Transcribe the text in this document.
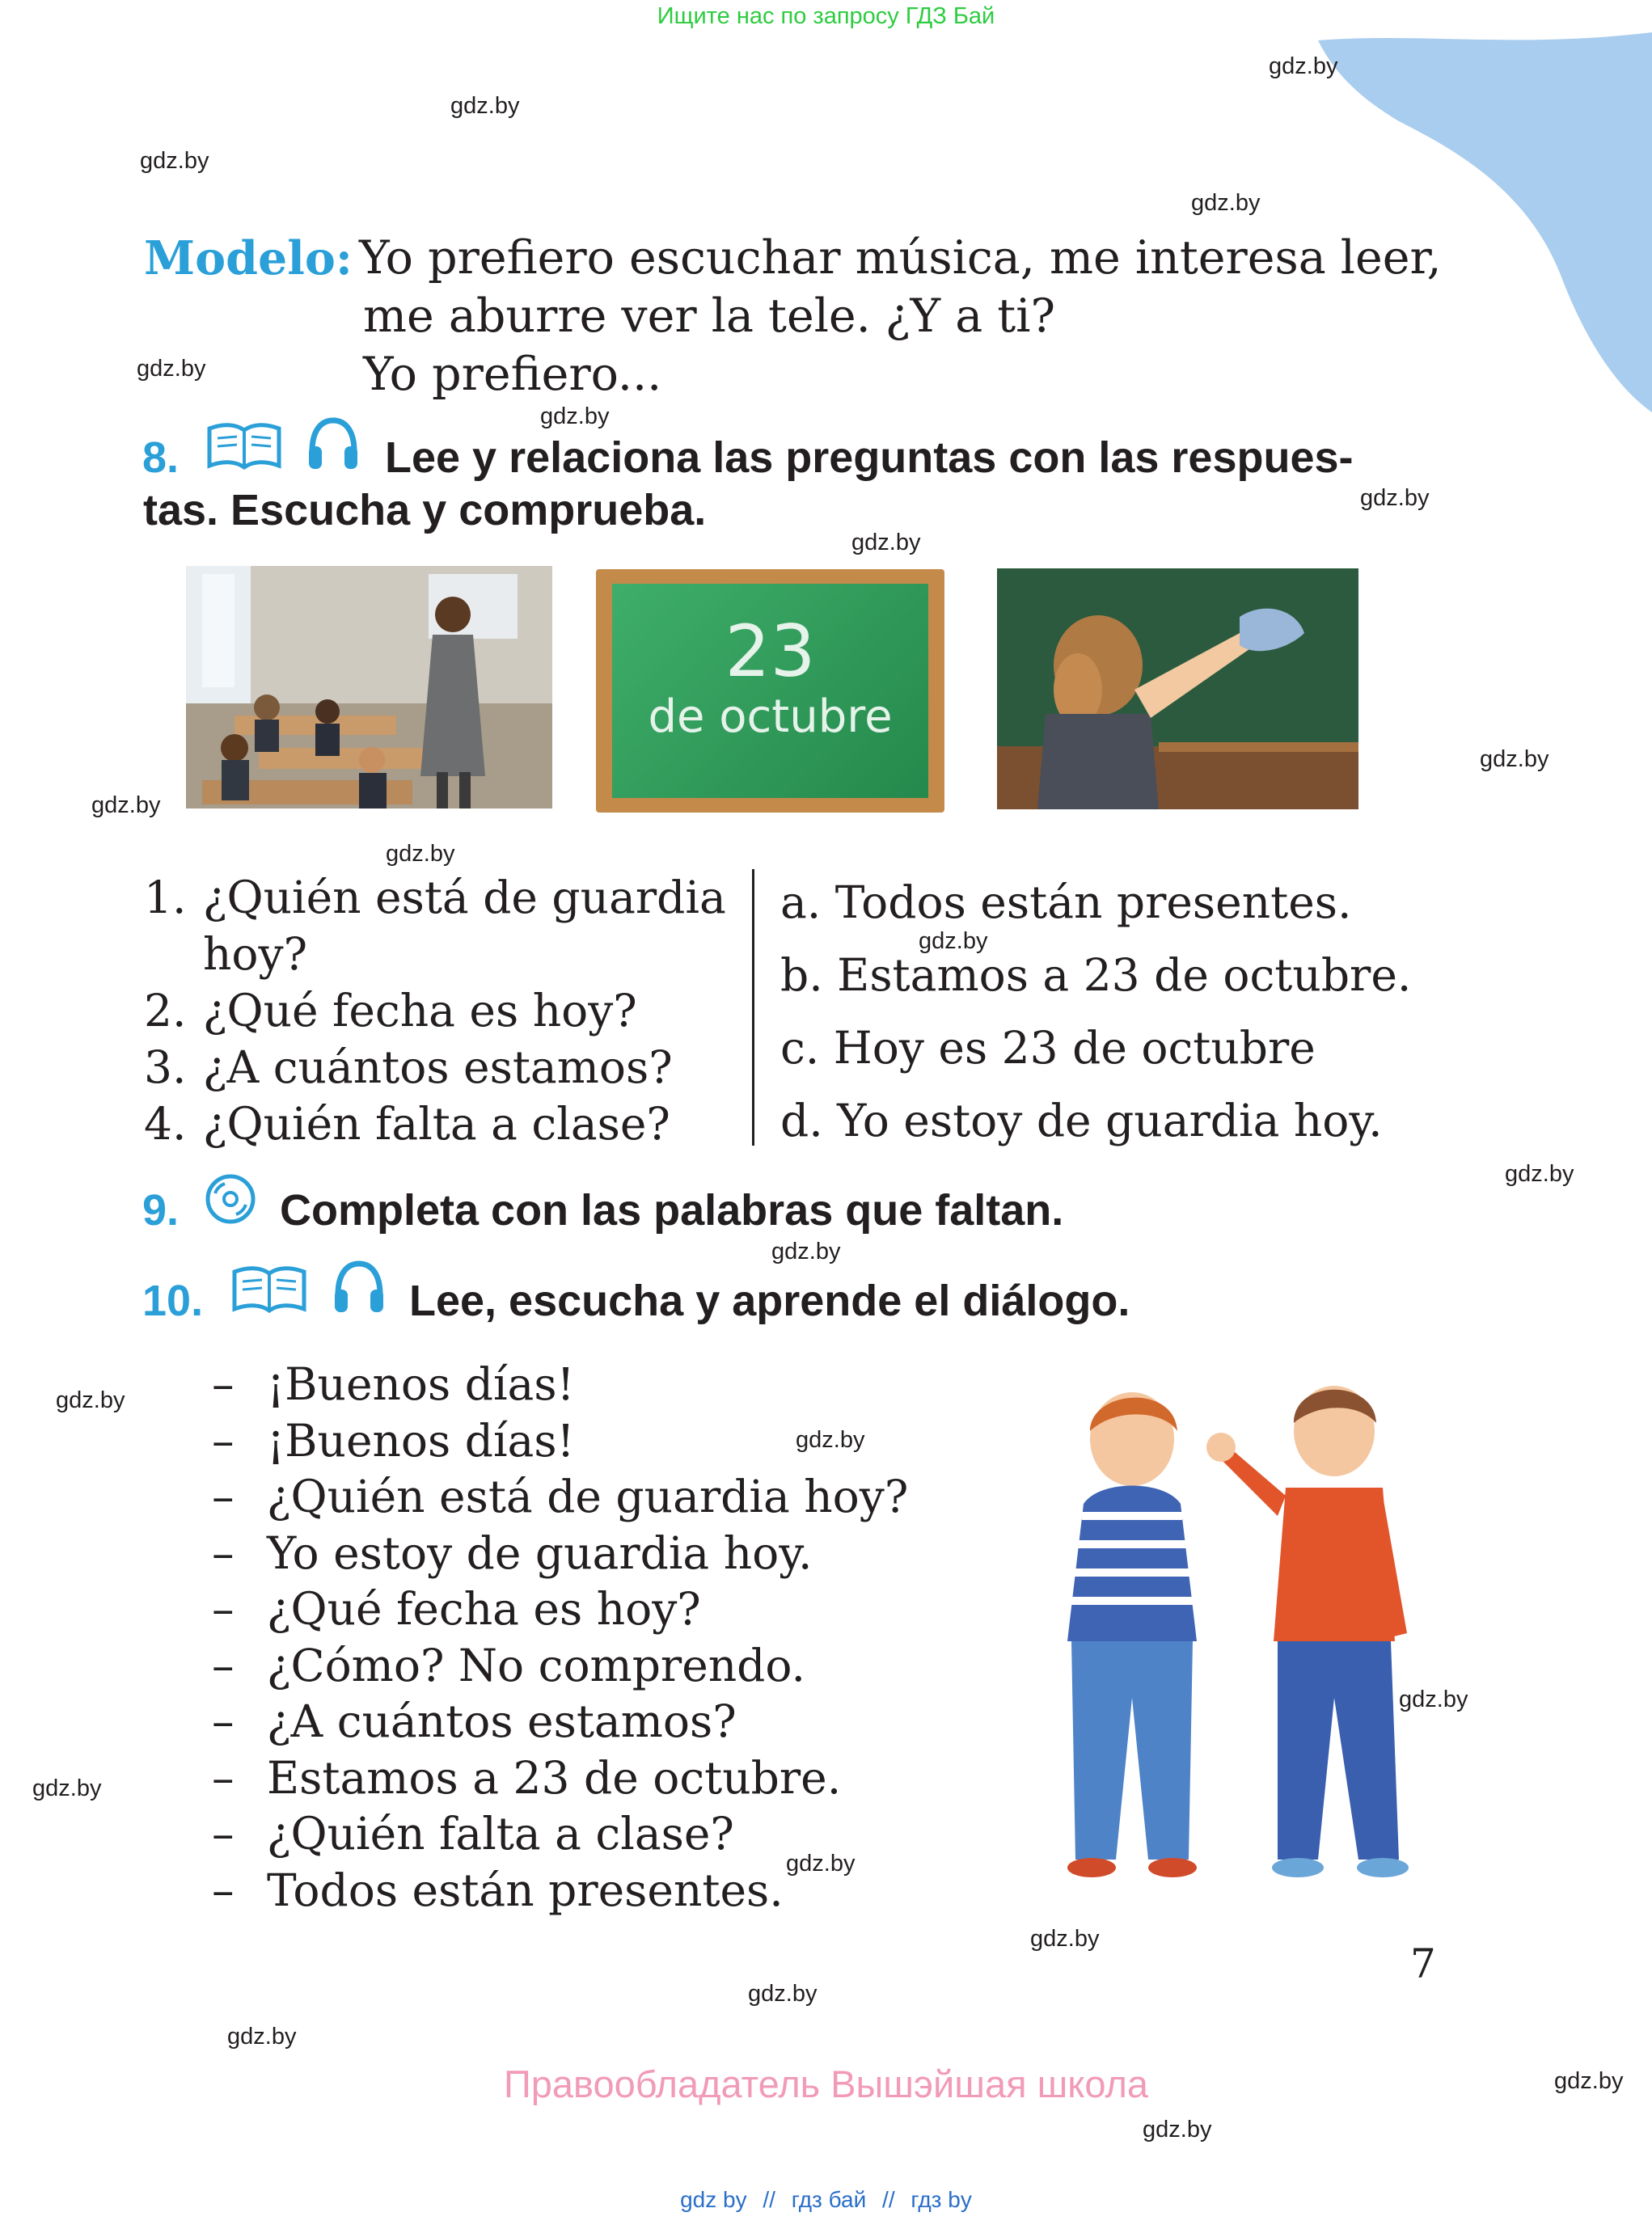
Ищите нас по запросу ГДЗ Бай
gdz.by
gdz.by
gdz.by
gdz.by
gdz.by
gdz.by
gdz.by
gdz.by
gdz.by
gdz.by
gdz.by
gdz.by
gdz.by
gdz.by
gdz.by
gdz.by
gdz.by
gdz.by
gdz.by
gdz.by
gdz.by
gdz.by
gdz.by
gdz.by
Modelo: Yo prefiero escuchar música, me interesa leer,
me aburre ver la tele. ¿Y a ti?
Yo prefiero...
8.	Lee y relaciona las preguntas con las respues-
tas. Escucha y comprueba.
23
de octubre
1. ¿Quién está de guardia
hoy?
2. ¿Qué fecha es hoy?
3. ¿A cuántos estamos?
4. ¿Quién falta a clase?
a. Todos están presentes.
b. Estamos a 23 de octubre.
c. Hoy es 23 de octubre
d. Yo estoy de guardia hoy.
9. Completa con las palabras que faltan.
10.	Lee, escucha y aprende el diálogo.
– ¡Buenos días!
– ¡Buenos días!
– ¿Quién está de guardia hoy?
– Yo estoy de guardia hoy.
– ¿Qué fecha es hoy?
– ¿Cómo? No comprendo.
– ¿A cuántos estamos?
– Estamos a 23 de octubre.
– ¿Quién falta a clase?
– Todos están presentes.
7
Правообладатель Вышэйшая школа
gdz by // гдз бай // гдз by
